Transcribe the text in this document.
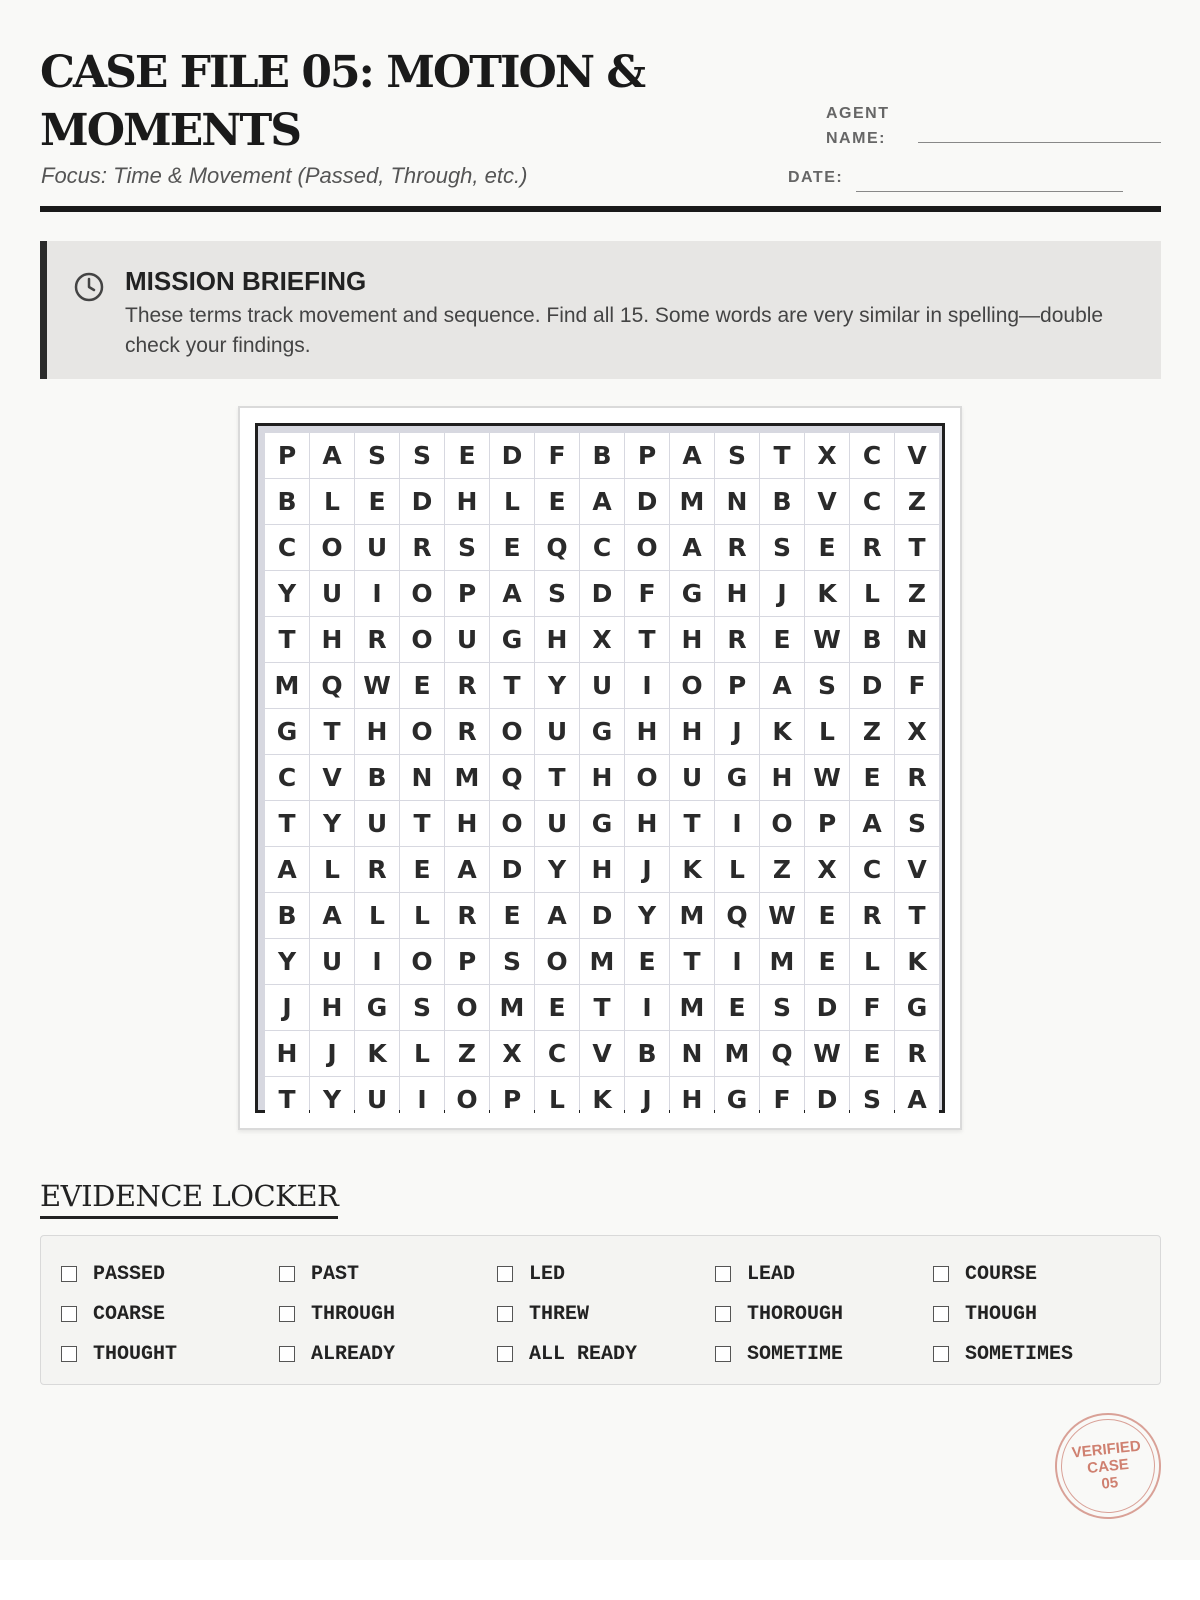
CASE FILE 05: MOTION & MOMENTS
Focus: Time & Movement (Passed, Through, etc.)
AGENT
NAME:
DATE:
MISSION BRIEFING
These terms track movement and sequence. Find all 15. Some words are very similar in spelling—double check your findings.
P	A	S	S	E	D	F	B	P	A	S	T	X	C	V
B	L	E	D H	L	E	A D M N	B	V	C	Z
C	O U	R	S	E	Q	C	O A	R	S	E	R	T
Y	U	I	O	P	A	S	D	F	G H	J	K	L	Z
T	H R O U G H X	T	H R	E W B	N
M Q W E	R	T	Y	U	I	O	P	A	S	D	F
G	T	H O R O U G H H	J	K	L	Z	X
C	V	B	N M Q	T	H O U G H W E	R
T	Y	U	T	H O U G H	T	I	O	P	A	S
A	L	R	E	A D	Y	H	J	K	L	Z	X	C	V
B	A	L	L	R	E	A D	Y M Q W E	R	T
Y	U	I	O	P	S	O M E	T	I	M E	L	K
J	H G	S	O M E	T	I	M E	S	D	F	G
H	J	K	L	Z	X	C	V	B	N M Q W E	R
T	Y	U	I	O	P	L	K	J	H G	F	D	S	A
EVIDENCE LOCKER
PASSED	PAST	LED	LEAD	COURSE
COARSE	THROUGH	THREW	THOROUGH	THOUGH
THOUGHT	ALREADY	ALL READY	SOMETIME	SOMETIMES
VERIFIED
CASE
05
